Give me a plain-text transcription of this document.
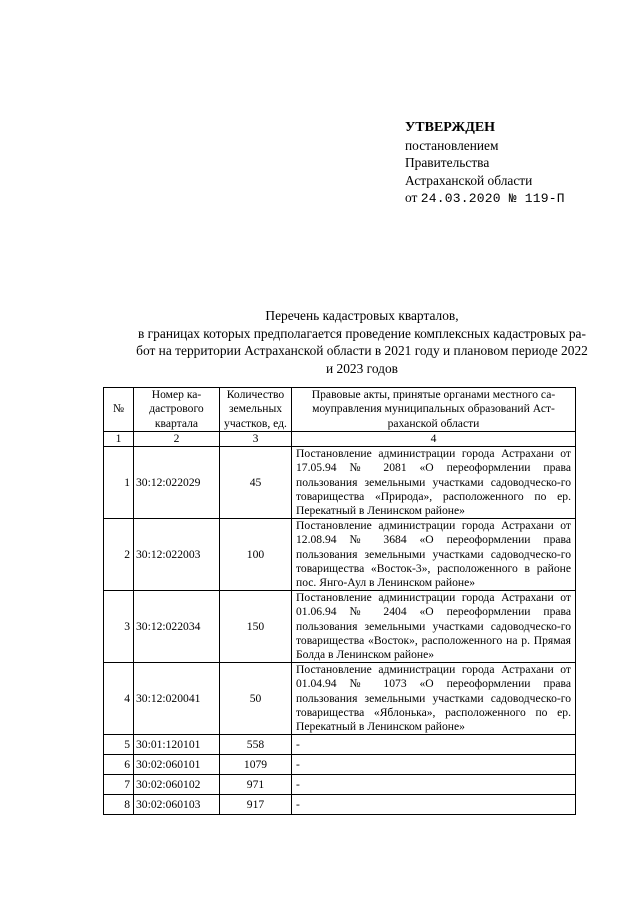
УТВЕРЖДЕН
постановлением
Правительства
Астраханской области
от 24.03.2020 № 119-П
Перечень кадастровых кварталов,
в границах которых предполагается проведение комплексных кадастровых ра-
бот на территории Астраханской области в 2021 году и плановом периоде 2022
и 2023 годов
№	Номер ка-дастрового квартала	Количество земельных участков, ед.	Правовые акты, принятые органами местного са-моуправления муниципальных образований Аст-раханской области
1	2	3	4
1	30:12:022029	45	Постановление администрации города Астрахани от 17.05.94 № 2081 «О переоформлении права пользования земельными участками садоводческо-го товарищества «Природа», расположенного по ер. Перекатный в Ленинском районе»
2	30:12:022003	100	Постановление администрации города Астрахани от 12.08.94 № 3684 «О переоформлении права пользования земельными участками садоводческо-го товарищества «Восток-3», расположенного в районе пос. Янго-Аул в Ленинском районе»
3	30:12:022034	150	Постановление администрации города Астрахани от 01.06.94 № 2404 «О переоформлении права пользования земельными участками садоводческо-го товарищества «Восток», расположенного на р. Прямая Болда в Ленинском районе»
4	30:12:020041	50	Постановление администрации города Астрахани от 01.04.94 № 1073 «О переоформлении права пользования земельными участками садоводческо-го товарищества «Яблонька», расположенного по ер. Перекатный в Ленинском районе»
5	30:01:120101	558	-
6	30:02:060101	1079	-
7	30:02:060102	971	-
8	30:02:060103	917	-
